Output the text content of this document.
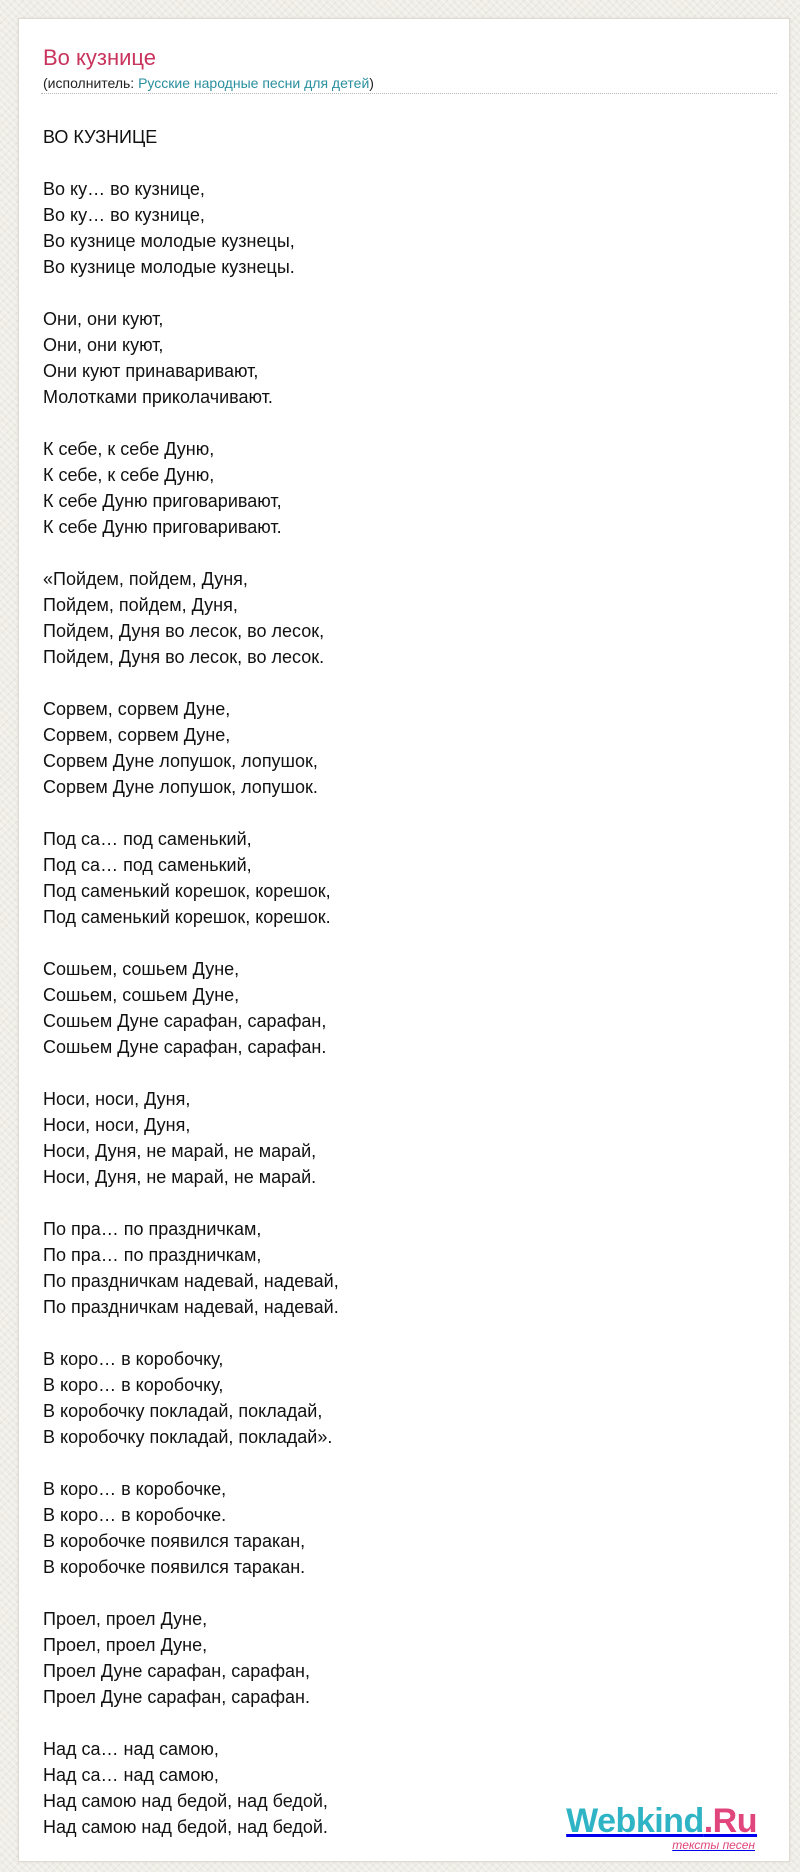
Во кузнице
(исполнитель: Русские народные песни для детей)
ВО КУЗНИЦЕ

Во ку… во кузнице,
Во ку… во кузнице,
Во кузнице молодые кузнецы,
Во кузнице молодые кузнецы.

Они, они куют,
Они, они куют,
Они куют принаваривают,
Молотками приколачивают.

К себе, к себе Дуню,
К себе, к себе Дуню,
К себе Дуню приговаривают,
К себе Дуню приговаривают.

«Пойдем, пойдем, Дуня,
Пойдем, пойдем, Дуня,
Пойдем, Дуня во лесок, во лесок,
Пойдем, Дуня во лесок, во лесок.

Сорвем, сорвем Дуне,
Сорвем, сорвем Дуне,
Сорвем Дуне лопушок, лопушок,
Сорвем Дуне лопушок, лопушок.

Под са… под саменький,
Под са… под саменький,
Под саменький корешок, корешок,
Под саменький корешок, корешок.

Сошьем, сошьем Дуне,
Сошьем, сошьем Дуне,
Сошьем Дуне сарафан, сарафан,
Сошьем Дуне сарафан, сарафан.

Носи, носи, Дуня,
Носи, носи, Дуня,
Носи, Дуня, не марай, не марай,
Носи, Дуня, не марай, не марай.

По пра… по праздничкам,
По пра… по праздничкам,
По праздничкам надевай, надевай,
По праздничкам надевай, надевай.

В коро… в коробочку,
В коро… в коробочку,
В коробочку покладай, покладай,
В коробочку покладай, покладай».

В коро… в коробочке,
В коро… в коробочке.
В коробочке появился таракан,
В коробочке появился таракан.

Проел, проел Дуне,
Проел, проел Дуне,
Проел Дуне сарафан, сарафан,
Проел Дуне сарафан, сарафан.

Над са… над самою,
Над са… над самою,
Над самою над бедой, над бедой,
Над самою над бедой, над бедой.	Webkind.Ru
тексты песен
